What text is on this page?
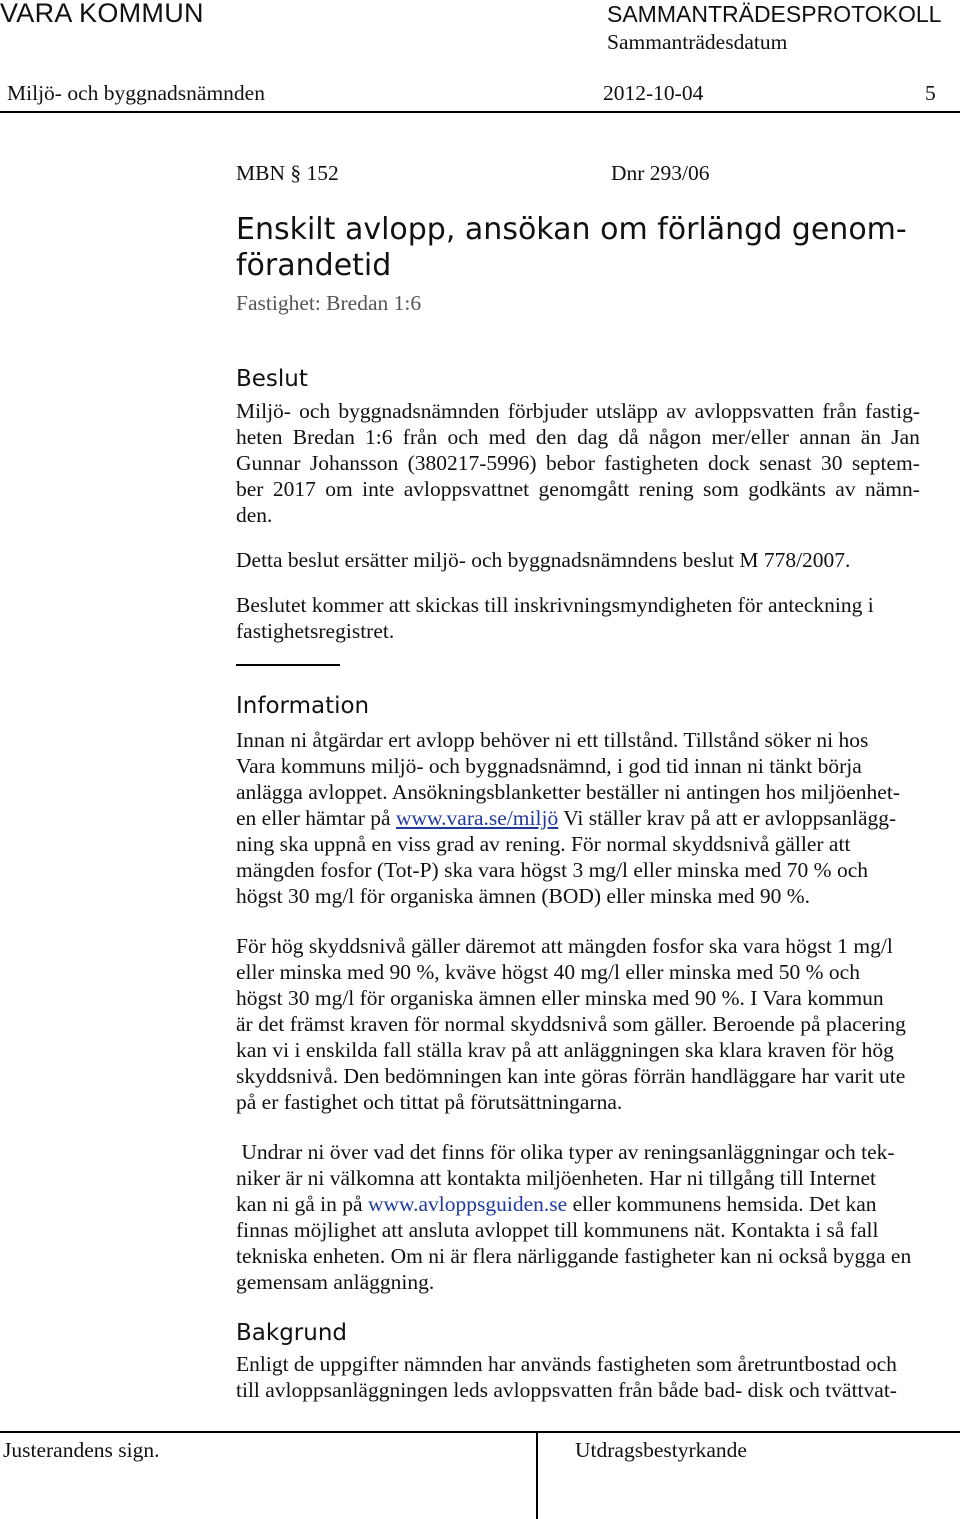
VARA KOMMUN	SAMMANTRÄDESPROTOKOLL
Sammanträdesdatum
Miljö- och byggnadsnämnden	2012-10-04	5
MBN § 152	Dnr 293/06
Enskilt avlopp, ansökan om förlängd genom-
förandetid
Fastighet: Bredan 1:6
Beslut
Miljö- och byggnadsnämnden förbjuder utsläpp av avloppsvatten från fastig-
heten Bredan 1:6 från och med den dag då någon mer/eller annan än Jan
Gunnar Johansson (380217-5996) bebor fastigheten dock senast 30 septem-
ber 2017 om inte avloppsvattnet genomgått rening som godkänts av nämn-
den.
Detta beslut ersätter miljö- och byggnadsnämndens beslut M 778/2007.
Beslutet kommer att skickas till inskrivningsmyndigheten för anteckning i
fastighetsregistret.
Information
Innan ni åtgärdar ert avlopp behöver ni ett tillstånd. Tillstånd söker ni hos
Vara kommuns miljö- och byggnadsnämnd, i god tid innan ni tänkt börja
anlägga avloppet. Ansökningsblanketter beställer ni antingen hos miljöenhet-
en eller hämtar på www.vara.se/miljö Vi ställer krav på att er avloppsanlägg-
ning ska uppnå en viss grad av rening. För normal skyddsnivå gäller att
mängden fosfor (Tot-P) ska vara högst 3 mg/l eller minska med 70 % och
högst 30 mg/l för organiska ämnen (BOD) eller minska med 90 %.
För hög skyddsnivå gäller däremot att mängden fosfor ska vara högst 1 mg/l
eller minska med 90 %, kväve högst 40 mg/l eller minska med 50 % och
högst 30 mg/l för organiska ämnen eller minska med 90 %. I Vara kommun
är det främst kraven för normal skyddsnivå som gäller. Beroende på placering
kan vi i enskilda fall ställa krav på att anläggningen ska klara kraven för hög
skyddsnivå. Den bedömningen kan inte göras förrän handläggare har varit ute
på er fastighet och tittat på förutsättningarna.
Undrar ni över vad det finns för olika typer av reningsanläggningar och tek-
niker är ni välkomna att kontakta miljöenheten. Har ni tillgång till Internet
kan ni gå in på www.avloppsguiden.se eller kommunens hemsida. Det kan
finnas möjlighet att ansluta avloppet till kommunens nät. Kontakta i så fall
tekniska enheten. Om ni är flera närliggande fastigheter kan ni också bygga en
gemensam anläggning.
Bakgrund
Enligt de uppgifter nämnden har används fastigheten som åretruntbostad och
till avloppsanläggningen leds avloppsvatten från både bad- disk och tvättvat-
Justerandens sign.	Utdragsbestyrkande
